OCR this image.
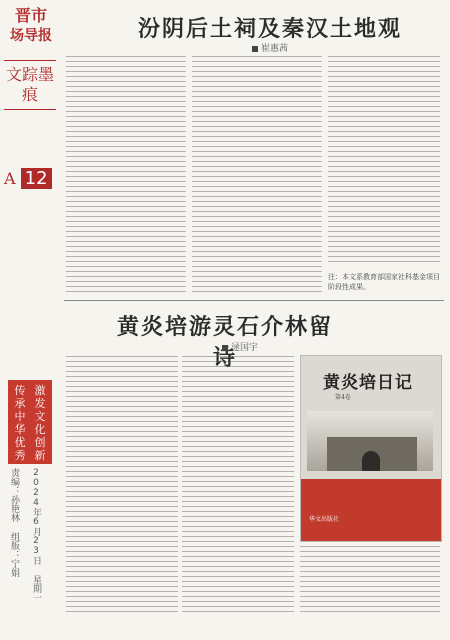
晋市
场导报
文踪墨痕
A 12
传承中华优秀
激发文化创新
责编：孙艳林 组版：宁娟 2024年6月23日 星期一
汾阴后土祠及秦汉土地观
崔惠茜
注：本文系教育部国家社科基金项目阶段性成果。
黄炎培游灵石介林留诗
逯国宇
黄炎培日记
第4卷
华文出版社
